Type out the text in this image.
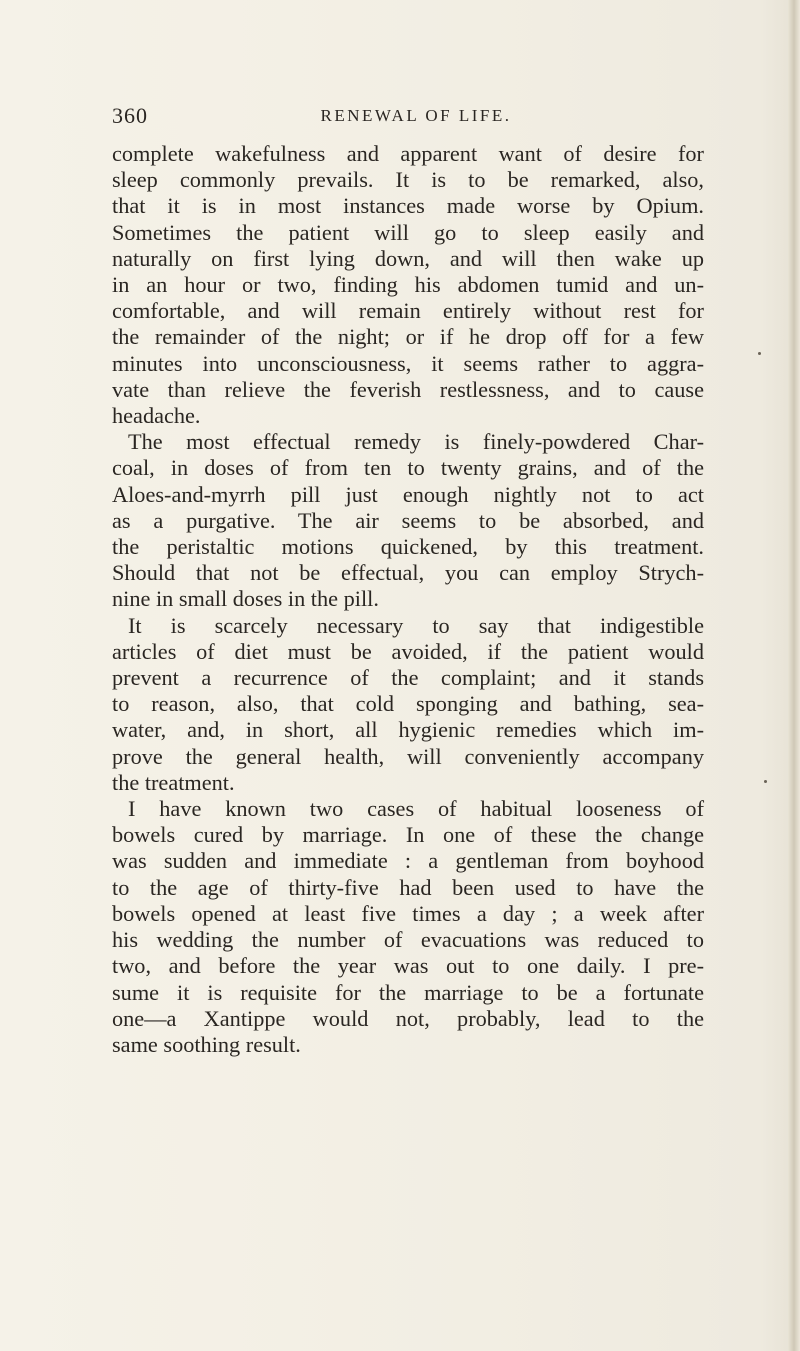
360	RENEWAL OF LIFE.
complete wakefulness and apparent want of desire for
sleep commonly prevails. It is to be remarked, also,
that it is in most instances made worse by Opium.
Sometimes the patient will go to sleep easily and
naturally on first lying down, and will then wake up
in an hour or two, finding his abdomen tumid and un-
comfortable, and will remain entirely without rest for
the remainder of the night; or if he drop off for a few
minutes into unconsciousness, it seems rather to aggra-
vate than relieve the feverish restlessness, and to cause
headache.
The most effectual remedy is finely-powdered Char-
coal, in doses of from ten to twenty grains, and of the
Aloes-and-myrrh pill just enough nightly not to act
as a purgative. The air seems to be absorbed, and
the peristaltic motions quickened, by this treatment.
Should that not be effectual, you can employ Strych-
nine in small doses in the pill.
It is scarcely necessary to say that indigestible
articles of diet must be avoided, if the patient would
prevent a recurrence of the complaint; and it stands
to reason, also, that cold sponging and bathing, sea-
water, and, in short, all hygienic remedies which im-
prove the general health, will conveniently accompany
the treatment.
I have known two cases of habitual looseness of
bowels cured by marriage. In one of these the change
was sudden and immediate : a gentleman from boyhood
to the age of thirty-five had been used to have the
bowels opened at least five times a day ; a week after
his wedding the number of evacuations was reduced to
two, and before the year was out to one daily. I pre-
sume it is requisite for the marriage to be a fortunate
one—a Xantippe would not, probably, lead to the
same soothing result.
